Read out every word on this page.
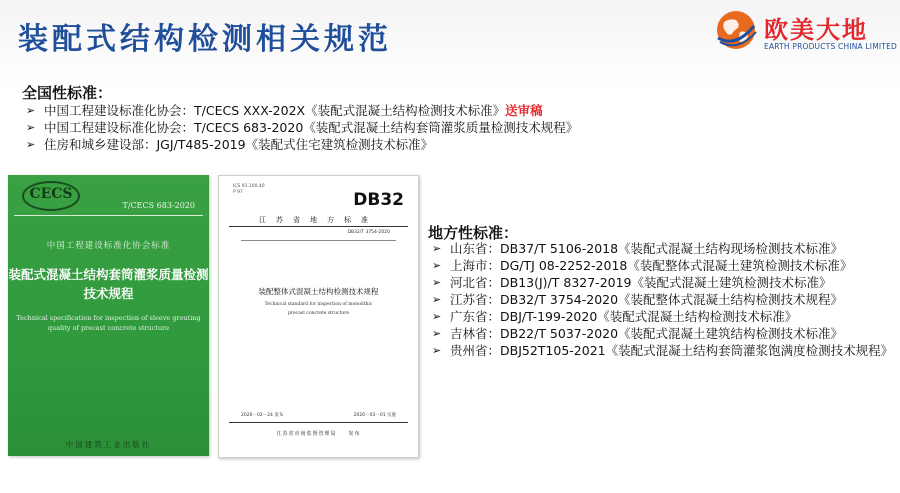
装配式结构检测相关规范	欧美大地
EARTH PRODUCTS CHINA LIMITED
全国性标准：
➢ 中国工程建设标准化协会：T/CECS XXX-202X《装配式混凝土结构检测技术标准》送审稿
➢ 中国工程建设标准化协会：T/CECS 683-2020《装配式混凝土结构套筒灌浆质量检测技术规程》
➢ 住房和城乡建设部：JGJ/T485-2019《装配式住宅建筑检测技术标准》
CECS
T/CECS 683-2020
中国工程建设标准化协会标准
装配式混凝土结构套筒灌浆质量检测
技术规程
Technical specification for inspection of sleeve grouting
quality of precast concrete structure
中国建筑工业出版社
ICS 91.100.40
P 97	DB32
江苏省地方标准
DB32/T 3754-2020
装配整体式混凝土结构检测技术规程
Technical standard for inspection of monolithic
precast concrete structure
2020－02－24 发布	2020－03－01 实施
江苏省市场监督管理局　　发布
地方性标准：
➢ 山东省：DB37/T 5106-2018《装配式混凝土结构现场检测技术标准》
➢ 上海市：DG/TJ 08-2252-2018《装配整体式混凝土建筑检测技术标准》
➢ 河北省：DB13(J)/T 8327-2019《装配式混凝土建筑检测技术标准》
➢ 江苏省：DB32/T 3754-2020《装配整体式混凝土结构检测技术规程》
➢ 广东省：DBJ/T-199-2020《装配式混凝土结构检测技术标准》
➢ 吉林省：DB22/T 5037-2020《装配式混凝土建筑结构检测技术标准》
➢ 贵州省：DBJ52T105-2021《装配式混凝土结构套筒灌浆饱满度检测技术规程》
